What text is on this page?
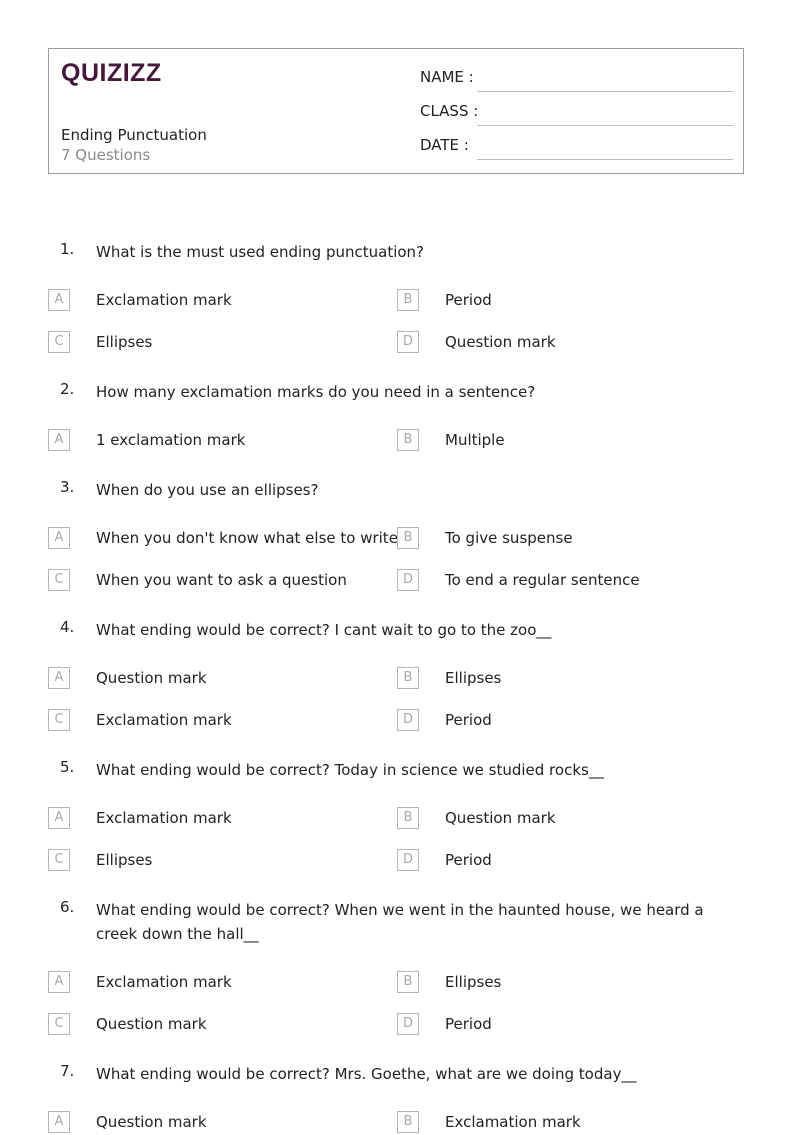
QUIZIZZ
Ending Punctuation
7 Questions
NAME :
CLASS :
DATE :
1. What is the must used ending punctuation?
A	Exclamation mark	B	Period
C	Ellipses	D	Question mark
2. How many exclamation marks do you need in a sentence?
A	1 exclamation mark	B	Multiple
3. When do you use an ellipses?
A	When you don't know what else to write B	To give suspense
C	When you want to ask a question	D	To end a regular sentence
4. What ending would be correct? I cant wait to go to the zoo__
A	Question mark	B	Ellipses
C	Exclamation mark	D	Period
5. What ending would be correct? Today in science we studied rocks__
A	Exclamation mark	B	Question mark
C	Ellipses	D	Period
6. What ending would be correct? When we went in the haunted house, we heard a creek down the hall__
A	Exclamation mark	B	Ellipses
C	Question mark	D	Period
7. What ending would be correct? Mrs. Goethe, what are we doing today__
A	Question mark	B	Exclamation mark
